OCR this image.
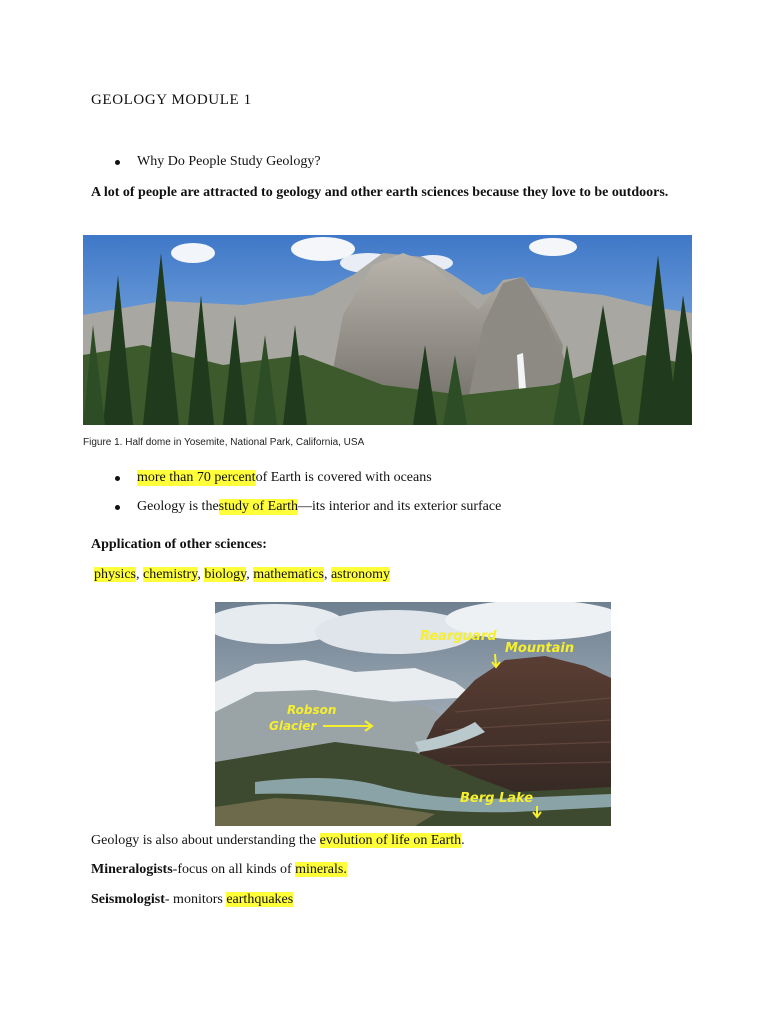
GEOLOGY MODULE 1
Why Do People Study Geology?
A lot of people are attracted to geology and other earth sciences because they love to be outdoors.
Figure 1. Half dome in Yosemite, National Park, California, USA
more than 70 percent of Earth is covered with oceans
Geology is the study of Earth —its interior and its exterior surface
Application of other sciences:
physics, chemistry, biology, mathematics, astronomy
Rearguard
Mountain
Robson
Glacier
Berg Lake
Geology is also about understanding the evolution of life on Earth.
Mineralogists-focus on all kinds of minerals.
Seismologist- monitors earthquakes
